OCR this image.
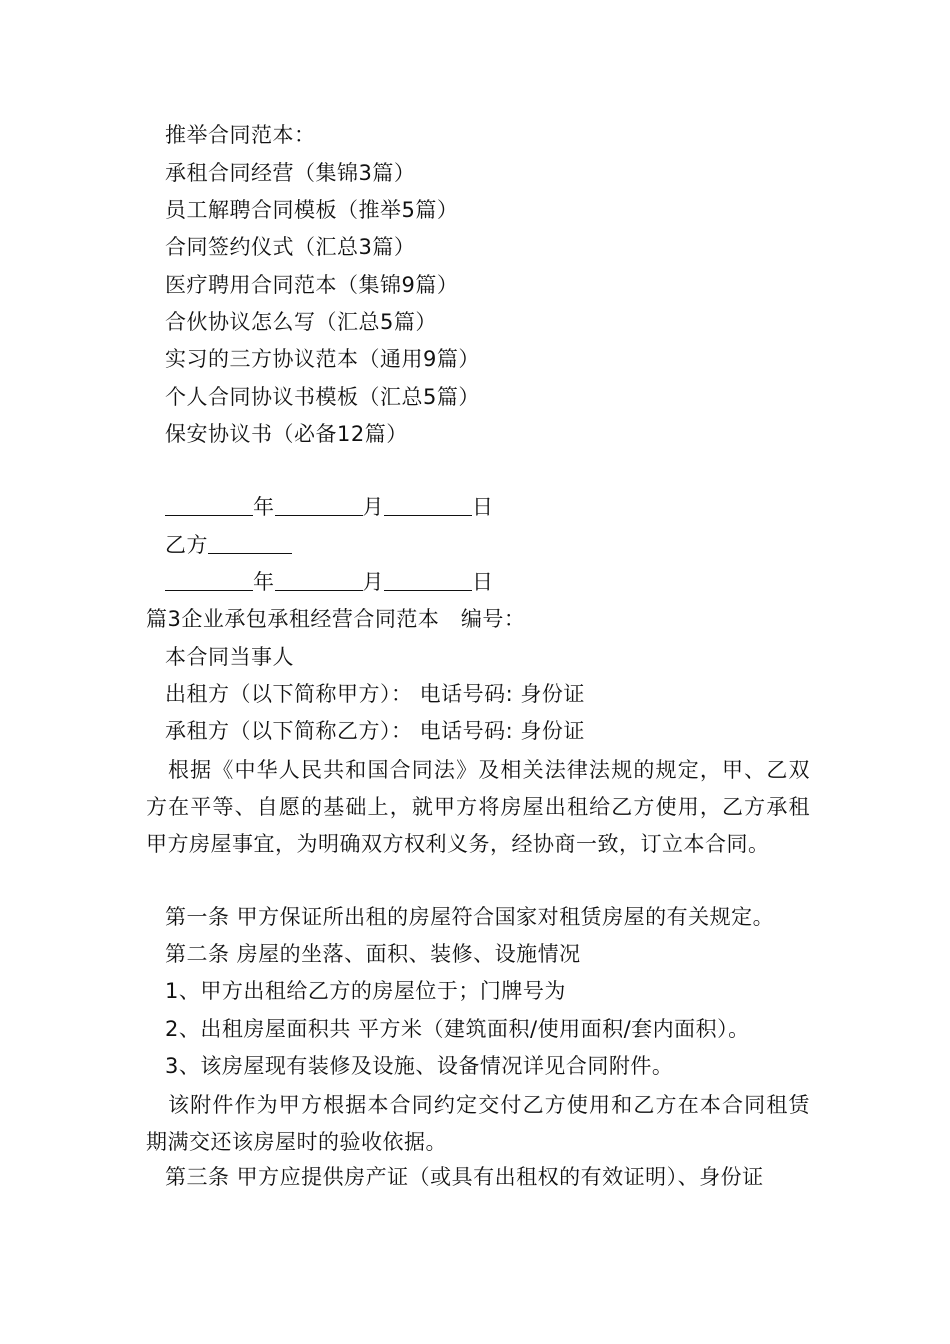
推举合同范本：
承租合同经营（集锦3篇）
员工解聘合同模板（推举5篇）
合同签约仪式（汇总3篇）
医疗聘用合同范本（集锦9篇）
合伙协议怎么写（汇总5篇）
实习的三方协议范本（通用9篇）
个人合同协议书模板（汇总5篇）
保安协议书（必备12篇）
年	月	日
乙方
年	月	日
篇3企业承包承租经营合同范本　编号：
本合同当事人
出租方（以下简称甲方）： 电话号码: 身份证
承租方（以下简称乙方）： 电话号码: 身份证
根据《中华人民共和国合同法》及相关法律法规的规定，甲、乙双方在平等、自愿的基础上，就甲方将房屋出租给乙方使用，乙方承租甲方房屋事宜，为明确双方权利义务，经协商一致，订立本合同。
第一条 甲方保证所出租的房屋符合国家对租赁房屋的有关规定。
第二条 房屋的坐落、面积、装修、设施情况
1、甲方出租给乙方的房屋位于；门牌号为
2、出租房屋面积共 平方米（建筑面积/使用面积/套内面积）。
3、该房屋现有装修及设施、设备情况详见合同附件。
该附件作为甲方根据本合同约定交付乙方使用和乙方在本合同租赁期满交还该房屋时的验收依据。
第三条 甲方应提供房产证（或具有出租权的有效证明）、身份证
